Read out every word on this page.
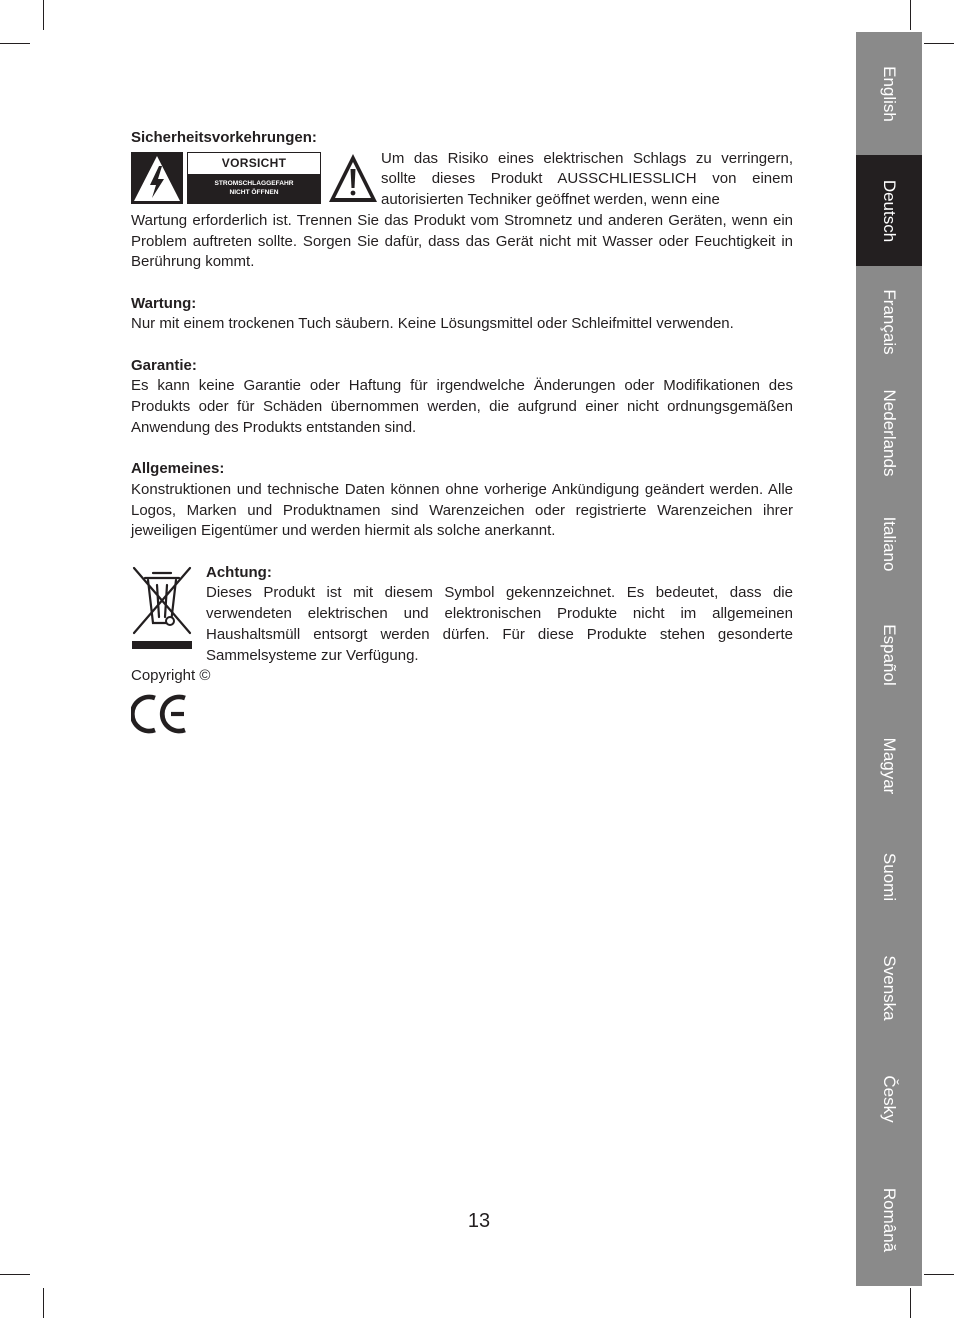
Sicherheitsvorkehrungen:

VORSICHT
STROMSCHLAGGEFAHR
NICHT ÖFFNEN

Um das Risiko eines elektrischen Schlags zu verringern, sollte dieses Produkt AUSSCHLIESSLICH von einem autorisierten Techniker geöffnet werden, wenn eine

Wartung erforderlich ist. Trennen Sie das Produkt vom Stromnetz und anderen Geräten, wenn ein Problem auftreten sollte. Sorgen Sie dafür, dass das Gerät nicht mit Wasser oder Feuchtigkeit in Berührung kommt.

Wartung:

Nur mit einem trockenen Tuch säubern. Keine Lösungsmittel oder Schleifmittel verwenden.

Garantie:

Es kann keine Garantie oder Haftung für irgendwelche Änderungen oder Modifikationen des Produkts oder für Schäden übernommen werden, die aufgrund einer nicht ordnungsgemäßen Anwendung des Produkts entstanden sind.

Allgemeines:

Konstruktionen und technische Daten können ohne vorherige Ankündigung geändert werden. Alle Logos, Marken und Produktnamen sind Warenzeichen oder registrierte Warenzeichen ihrer jeweiligen Eigentümer und werden hiermit als solche anerkannt.

Achtung:

Dieses Produkt ist mit diesem Symbol gekennzeichnet. Es bedeutet, dass die verwendeten elektrischen und elektronischen Produkte nicht im allgemeinen Haushaltsmüll entsorgt werden dürfen. Für diese Produkte stehen gesonderte Sammelsysteme zur Verfügung.

Copyright ©

13
English
Deutsch
Français
Nederlands
Italiano
Español
Magyar
Suomi
Svenska
Česky
Română
